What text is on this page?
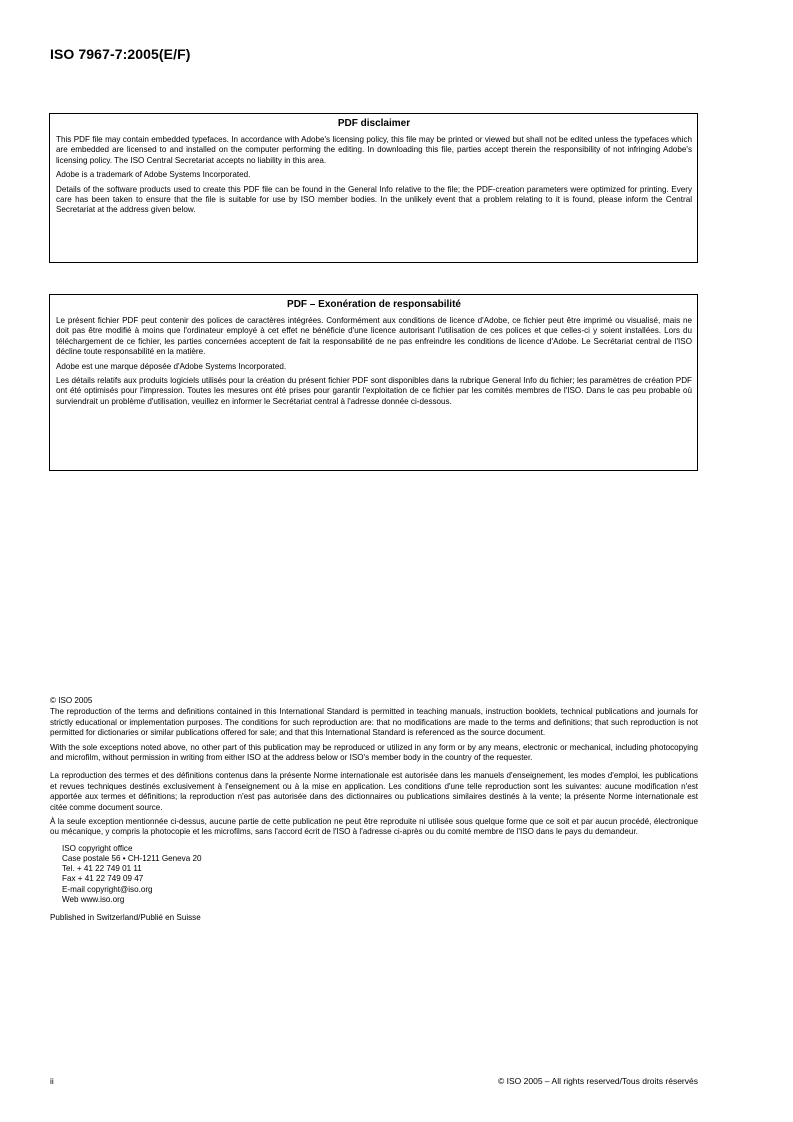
ISO 7967-7:2005(E/F)
PDF disclaimer

This PDF file may contain embedded typefaces. In accordance with Adobe's licensing policy, this file may be printed or viewed but shall not be edited unless the typefaces which are embedded are licensed to and installed on the computer performing the editing. In downloading this file, parties accept therein the responsibility of not infringing Adobe's licensing policy. The ISO Central Secretariat accepts no liability in this area.

Adobe is a trademark of Adobe Systems Incorporated.

Details of the software products used to create this PDF file can be found in the General Info relative to the file; the PDF-creation parameters were optimized for printing. Every care has been taken to ensure that the file is suitable for use by ISO member bodies. In the unlikely event that a problem relating to it is found, please inform the Central Secretariat at the address given below.

PDF – Exonération de responsabilité

Le présent fichier PDF peut contenir des polices de caractères intégrées. Conformément aux conditions de licence d'Adobe, ce fichier peut être imprimé ou visualisé, mais ne doit pas être modifié à moins que l'ordinateur employé à cet effet ne bénéficie d'une licence autorisant l'utilisation de ces polices et que celles-ci y soient installées. Lors du téléchargement de ce fichier, les parties concernées acceptent de fait la responsabilité de ne pas enfreindre les conditions de licence d'Adobe. Le Secrétariat central de l'ISO décline toute responsabilité en la matière.

Adobe est une marque déposée d'Adobe Systems Incorporated.

Les détails relatifs aux produits logiciels utilisés pour la création du présent fichier PDF sont disponibles dans la rubrique General Info du fichier; les paramètres de création PDF ont été optimisés pour l'impression. Toutes les mesures ont été prises pour garantir l'exploitation de ce fichier par les comités membres de l'ISO. Dans le cas peu probable où surviendrait un problème d'utilisation, veuillez en informer le Secrétariat central à l'adresse donnée ci-dessous.

© ISO 2005

The reproduction of the terms and definitions contained in this International Standard is permitted in teaching manuals, instruction booklets, technical publications and journals for strictly educational or implementation purposes. The conditions for such reproduction are: that no modifications are made to the terms and definitions; that such reproduction is not permitted for dictionaries or similar publications offered for sale; and that this International Standard is referenced as the source document.

With the sole exceptions noted above, no other part of this publication may be reproduced or utilized in any form or by any means, electronic or mechanical, including photocopying and microfilm, without permission in writing from either ISO at the address below or ISO's member body in the country of the requester.

La reproduction des termes et des définitions contenus dans la présente Norme internationale est autorisée dans les manuels d'enseignement, les modes d'emploi, les publications et revues techniques destinés exclusivement à l'enseignement ou à la mise en application. Les conditions d'une telle reproduction sont les suivantes: aucune modification n'est apportée aux termes et définitions; la reproduction n'est pas autorisée dans des dictionnaires ou publications similaires destinés à la vente; la présente Norme internationale est citée comme document source.

À la seule exception mentionnée ci-dessus, aucune partie de cette publication ne peut être reproduite ni utilisée sous quelque forme que ce soit et par aucun procédé, électronique ou mécanique, y compris la photocopie et les microfilms, sans l'accord écrit de l'ISO à l'adresse ci-après ou du comité membre de l'ISO dans le pays du demandeur.

ISO copyright office
Case postale 56 • CH-1211 Geneva 20
Tel. + 41 22 749 01 11
Fax + 41 22 749 09 47
E-mail copyright@iso.org
Web www.iso.org
Published in Switzerland/Publié en Suisse
ii	© ISO 2005 – All rights reserved/Tous droits réservés
